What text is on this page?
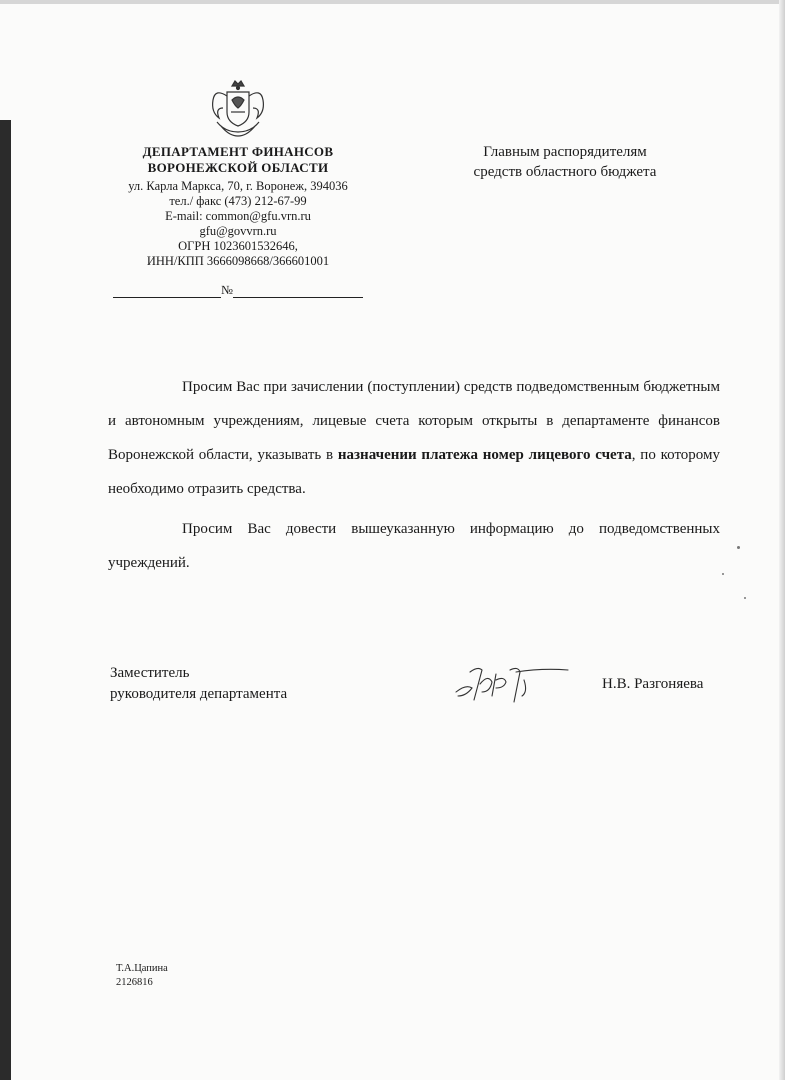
ДЕПАРТАМЕНТ ФИНАНСОВ
ВОРОНЕЖСКОЙ ОБЛАСТИ
ул. Карла Маркса, 70, г. Воронеж, 394036
тел./ факс (473) 212-67-99
E-mail: common@gfu.vrn.ru
gfu@govvrn.ru
ОГРН 1023601532646,
ИНН/КПП 3666098668/366601001
№
Главным распорядителям
средств областного бюджета

Просим Вас при зачислении (поступлении) средств подведомственным бюджетным и автономным учреждениям, лицевые счета которым открыты в департаменте финансов Воронежской области, указывать в назначении платежа номер лицевого счета, по которому необходимо отразить средства.

Просим Вас довести вышеуказанную информацию до подведомственных учреждений.

Заместитель
руководителя департамента
Н.В. Разгоняева
Т.А.Цапина
2126816
